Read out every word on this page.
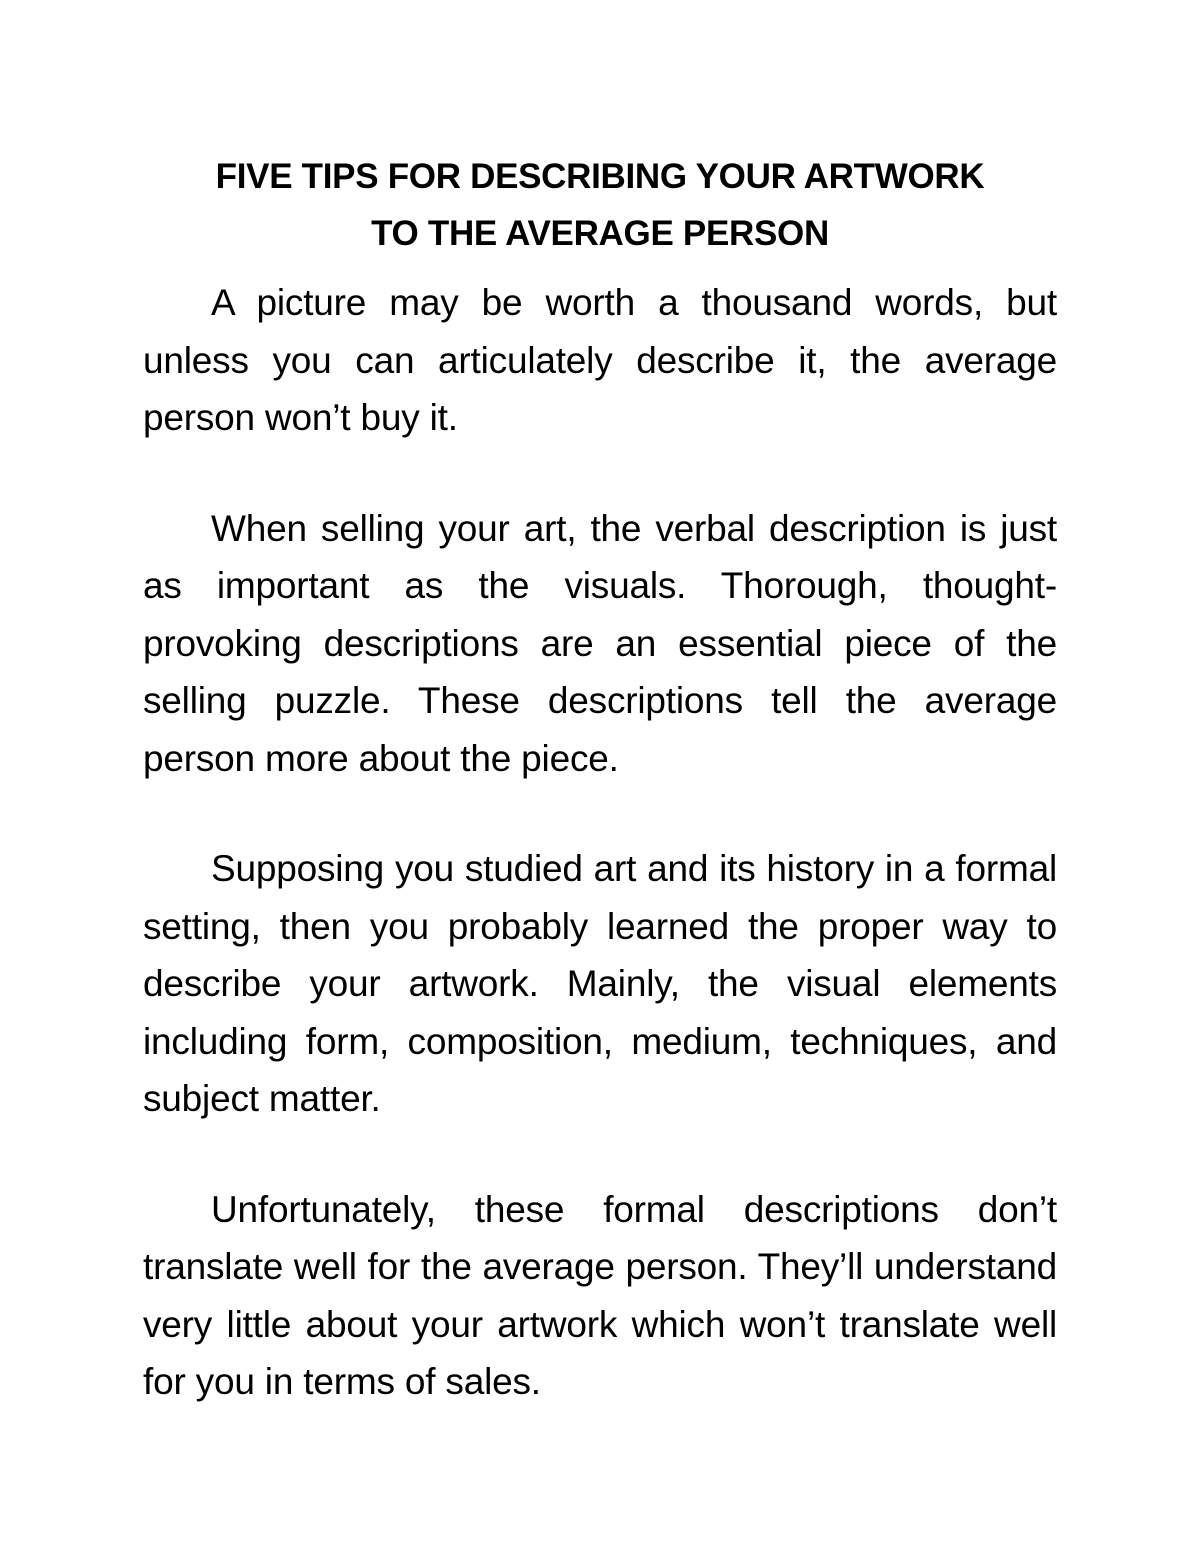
FIVE TIPS FOR DESCRIBING YOUR ARTWORK
TO THE AVERAGE PERSON

A picture may be worth a thousand words, but unless you can articulately describe it, the average person won’t buy it.

When selling your art, the verbal description is just as important as the visuals. Thorough, thought-provoking descriptions are an essential piece of the selling puzzle. These descriptions tell the average person more about the piece.

Supposing you studied art and its history in a formal setting, then you probably learned the proper way to describe your artwork. Mainly, the visual elements including form, composition, medium, techniques, and subject matter.

Unfortunately, these formal descriptions don’t translate well for the average person. They’ll understand very little about your artwork which won’t translate well for you in terms of sales.
